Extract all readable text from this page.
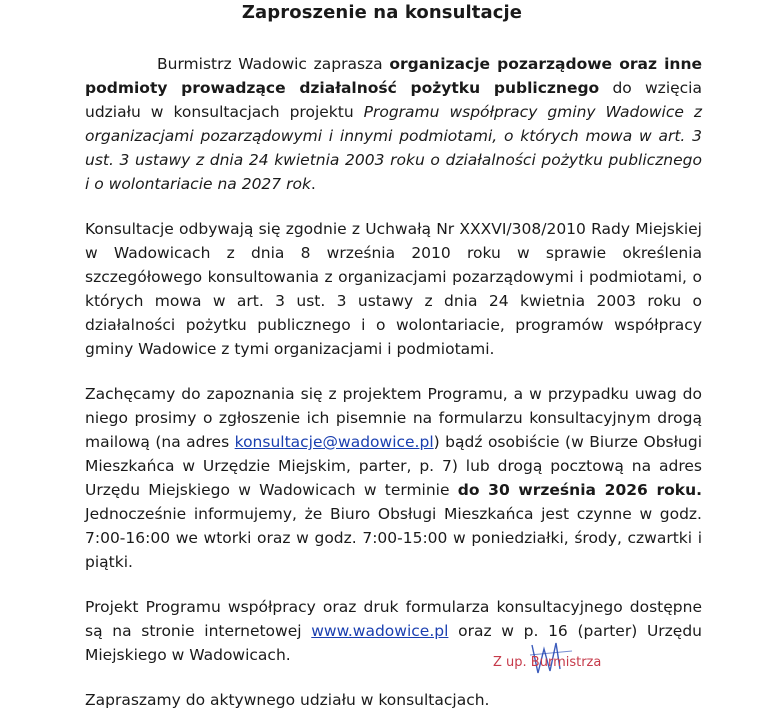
Zaproszenie na konsultacje

Burmistrz Wadowic zaprasza organizacje pozarządowe oraz inne podmioty prowadzące działalność pożytku publicznego do wzięcia udziału w konsultacjach projektu Programu współpracy gminy Wadowice z organizacjami pozarządowymi i innymi podmiotami, o których mowa w art. 3 ust. 3 ustawy z dnia 24 kwietnia 2003 roku o działalności pożytku publicznego i o wolontariacie na 2027 rok.

Konsultacje odbywają się zgodnie z Uchwałą Nr XXXVI/308/2010 Rady Miejskiej w Wadowicach z dnia 8 września 2010 roku w sprawie określenia szczegółowego konsultowania z organizacjami pozarządowymi i podmiotami, o których mowa w art. 3 ust. 3 ustawy z dnia 24 kwietnia 2003 roku o działalności pożytku publicznego i o wolontariacie, programów współpracy gminy Wadowice z tymi organizacjami i podmiotami.

Zachęcamy do zapoznania się z projektem Programu, a w przypadku uwag do niego prosimy o zgłoszenie ich pisemnie na formularzu konsultacyjnym drogą mailową (na adres konsultacje@wadowice.pl) bądź osobiście (w Biurze Obsługi Mieszkańca w Urzędzie Miejskim, parter, p. 7) lub drogą pocztową na adres Urzędu Miejskiego w Wadowicach w terminie do 30 września 2026 roku. Jednocześnie informujemy, że Biuro Obsługi Mieszkańca jest czynne w godz. 7:00-16:00 we wtorki oraz w godz. 7:00-15:00 w poniedziałki, środy, czwartki i piątki.

Projekt Programu współpracy oraz druk formularza konsultacyjnego dostępne są na stronie internetowej www.wadowice.pl oraz w p. 16 (parter) Urzędu Miejskiego w Wadowicach.

Zapraszamy do aktywnego udziału w konsultacjach.

Z up. Burmistrza
